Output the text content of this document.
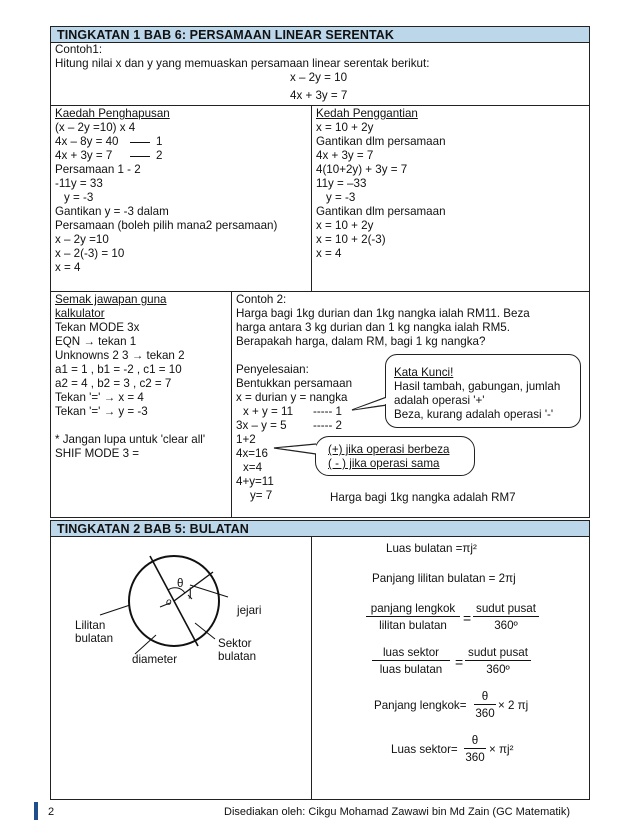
TINGKATAN 1 BAB 6: PERSAMAAN LINEAR SERENTAK
Contoh1:
Hitung nilai x dan y yang memuaskan persamaan linear serentak berikut:
x – 2y = 10
4x + 3y = 7
Kaedah Penghapusan
(x – 2y =10) x 4
4x – 8y = 40	1
4x + 3y = 7	2
Persamaan 1 - 2
-11y = 33
y = -3
Gantikan y = -3 dalam
Persamaan (boleh pilih mana2 persamaan)
x – 2y =10
x – 2(-3) = 10
x = 4
Kedah Penggantian
x = 10 + 2y
Gantikan dlm persamaan
4x + 3y = 7
4(10+2y) + 3y = 7
11y = –33
y = -3
Gantikan dlm persamaan
x = 10 + 2y
x = 10 + 2(-3)
x = 4
Semak jawapan guna
kalkulator
Tekan MODE 3x
EQN → tekan 1
Unknowns 2 3 → tekan 2
a1 = 1 , b1 = -2 , c1 = 10
a2 = 4 , b2 = 3 , c2 = 7
Tekan '=' → x = 4
Tekan '=' → y = -3
* Jangan lupa untuk 'clear all'
SHIF MODE 3 =
Contoh 2:
Harga bagi 1kg durian dan 1kg nangka ialah RM11. Beza
harga antara 3 kg durian dan 1 kg nangka ialah RM5.
Berapakah harga, dalam RM, bagi 1 kg nangka?
Penyelesaian:
Bentukkan persamaan
x = durian y = nangka
x + y = 11 ----- 1
3x – y = 5 ----- 2
1+2
4x=16
x=4
4+y=11
y= 7
Kata Kunci!
Hasil tambah, gabungan, jumlah
adalah operasi '+'
Beza, kurang adalah operasi '-'
(+) jika operasi berbeza
( - ) jika operasi sama
Harga bagi 1kg nangka adalah RM7
TINGKATAN 2 BAB 5: BULATAN
θ
j
o
jejari
Lilitan
bulatan	Sektor
bulatan
diameter
Luas bulatan =πj²
Panjang lilitan bulatan = 2πj
panjang lengkok
lilitan bulatan	=
sudut pusat
360º
luas sektor
luas bulatan =
sudut pusat
360º
Panjang lengkok= $\frac{\theta}{360} \times 2$ πj
Luas sektor= $\frac{\theta}{360} \times \pi j^2$
2	Disediakan oleh: Cikgu Mohamad Zawawi bin Md Zain (GC Matematik)
